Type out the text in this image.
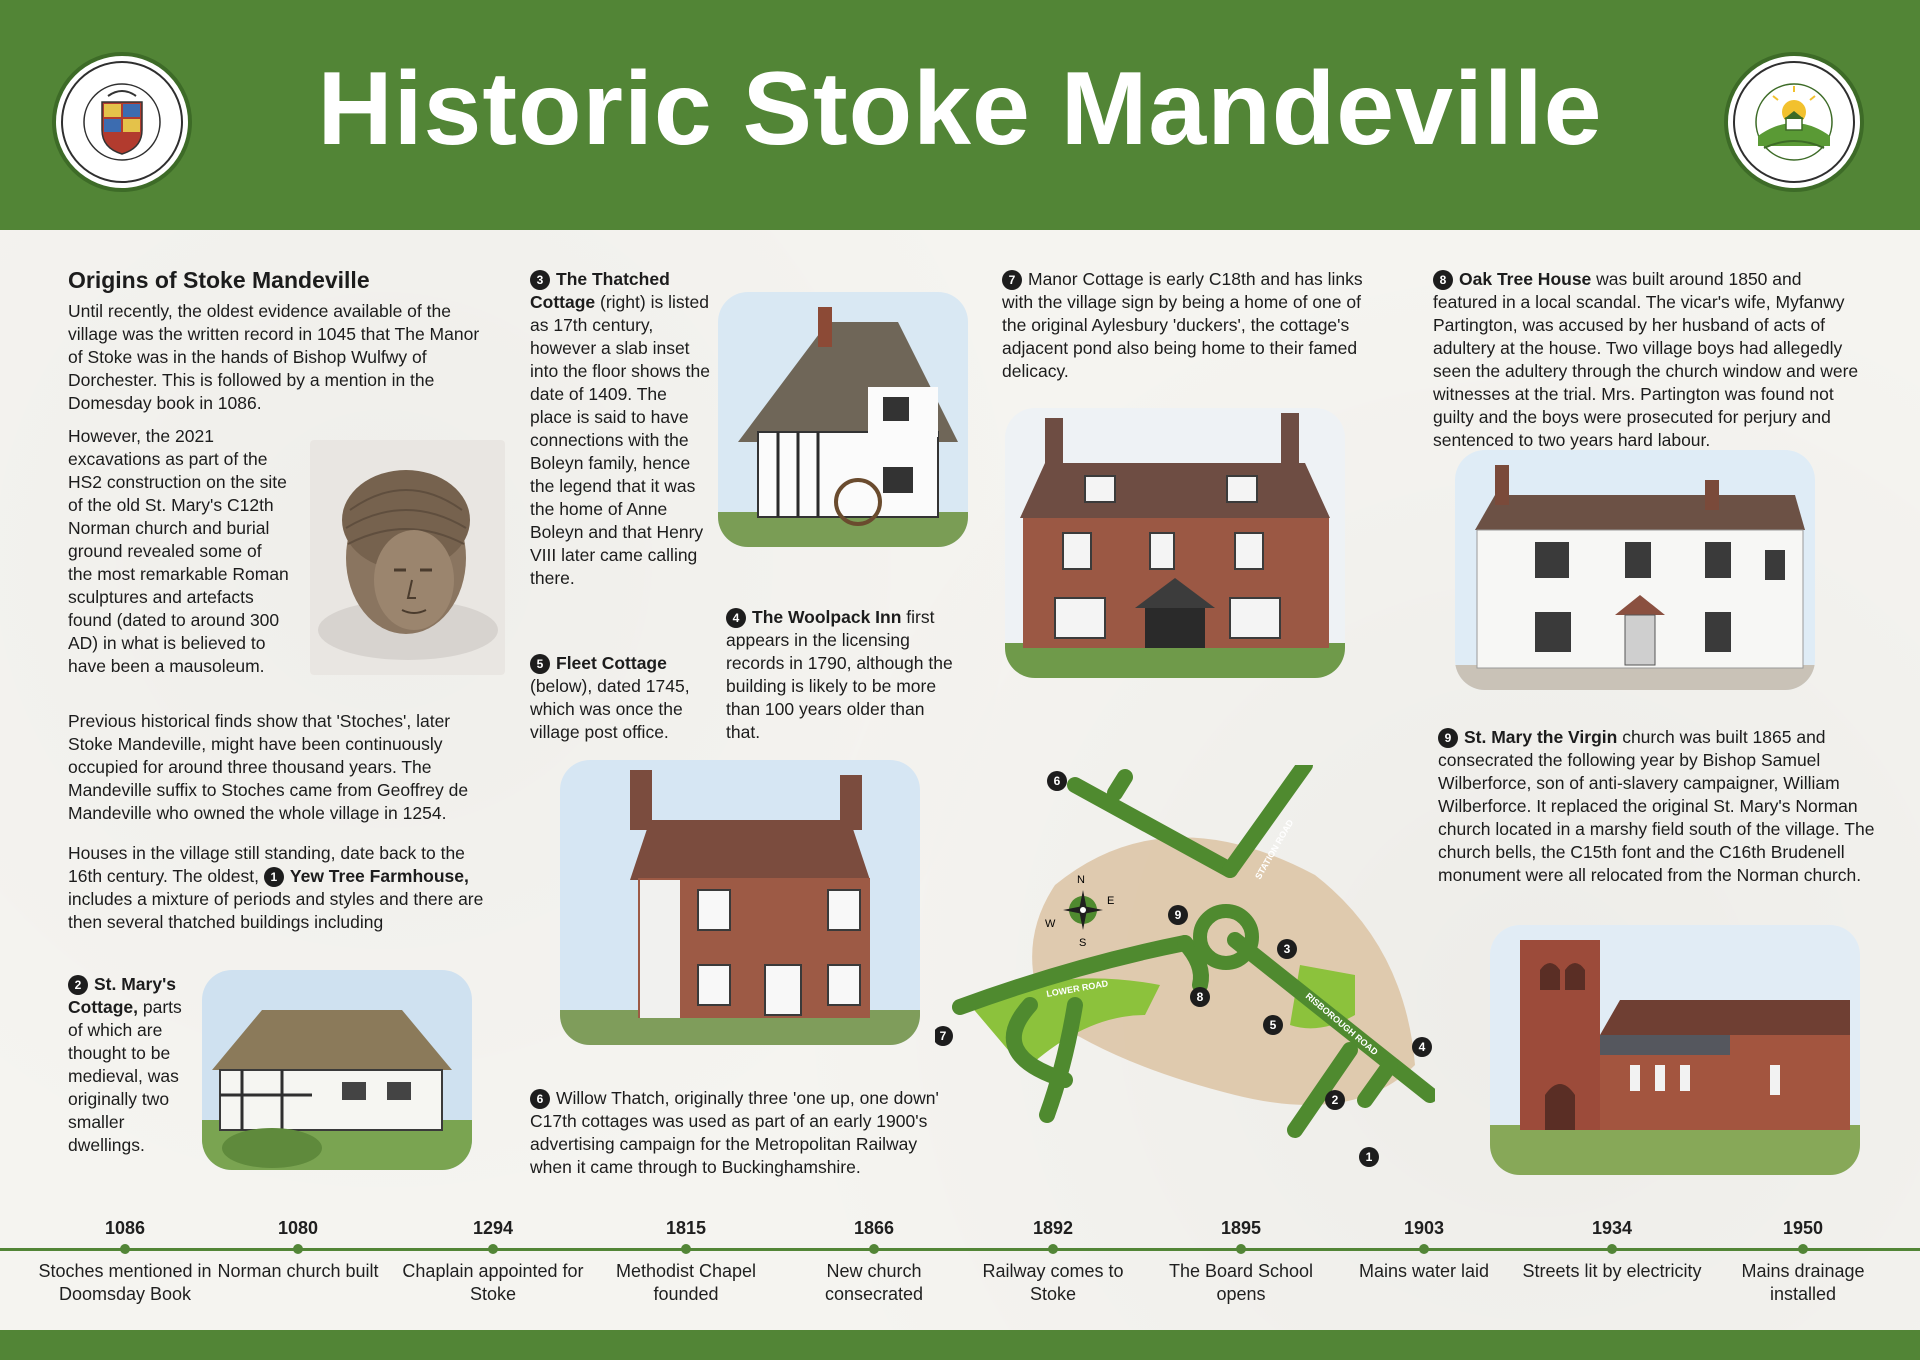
Historic Stoke Mandeville
Origins of Stoke Mandeville

Until recently, the oldest evidence available of the village was the written record in 1045 that The Manor of Stoke was in the hands of Bishop Wulfwy of Dorchester. This is followed by a mention in the Domesday book in 1086.

However, the 2021 excavations as part of the HS2 construction on the site of the old St. Mary's C12th Norman church and burial ground revealed some of the most remarkable Roman sculptures and artefacts found (dated to around 300 AD) in what is believed to have been a mausoleum.

Previous historical finds show that 'Stoches', later Stoke Mandeville, might have been continuously occupied for around three thousand years. The Mandeville suffix to Stoches came from Geoffrey de Mandeville who owned the whole village in 1254.

Houses in the village still standing, date back to the 16th century. The oldest, 1 Yew Tree Farmhouse, includes a mixture of periods and styles and there are then several thatched buildings including

2 St. Mary's Cottage, parts of which are thought to be medieval, was originally two smaller dwellings.

3 The Thatched Cottage (right) is listed as 17th century, however a slab inset into the floor shows the date of 1409. The place is said to have connections with the Boleyn family, hence the legend that it was the home of Anne Boleyn and that Henry VIII later came calling there.

5 Fleet Cottage (below), dated 1745, which was once the village post office.

4 The Woolpack Inn first appears in the licensing records in 1790, although the building is likely to be more than 100 years older than that.

6 Willow Thatch, originally three 'one up, one down' C17th cottages was used as part of an early 1900's advertising campaign for the Metropolitan Railway when it came through to Buckinghamshire.

7 Manor Cottage is early C18th and has links with the village sign by being a home of one of the original Aylesbury 'duckers', the cottage's adjacent pond also being home to their famed delicacy.

8 Oak Tree House was built around 1850 and featured in a local scandal. The vicar's wife, Myfanwy Partington, was accused by her husband of acts of adultery at the house. Two village boys had allegedly seen the adultery through the church window and were witnesses at the trial. Mrs. Partington was found not guilty and the boys were prosecuted for perjury and sentenced to two years hard labour.

9 St. Mary the Virgin church was built 1865 and consecrated the following year by Bishop Samuel Wilberforce, son of anti-slavery campaigner, William Wilberforce. It replaced the original St. Mary's Norman church located in a marshy field south of the village. The church bells, the C15th font and the C16th Brudenell monument were all relocated from the Norman church.

N
S
E
W
LOWER ROAD
RISBOROUGH ROAD
STATION ROAD
1
2
3
4
5
6
7
8
9
1086
Stoches mentioned in Doomsday Book
1080
Norman church built
1294
Chaplain appointed for Stoke
1815
Methodist Chapel founded
1866
New church consecrated
1892
Railway comes to Stoke
1895
The Board School opens
1903
Mains water laid
1934
Streets lit by electricity
1950
Mains drainage installed
